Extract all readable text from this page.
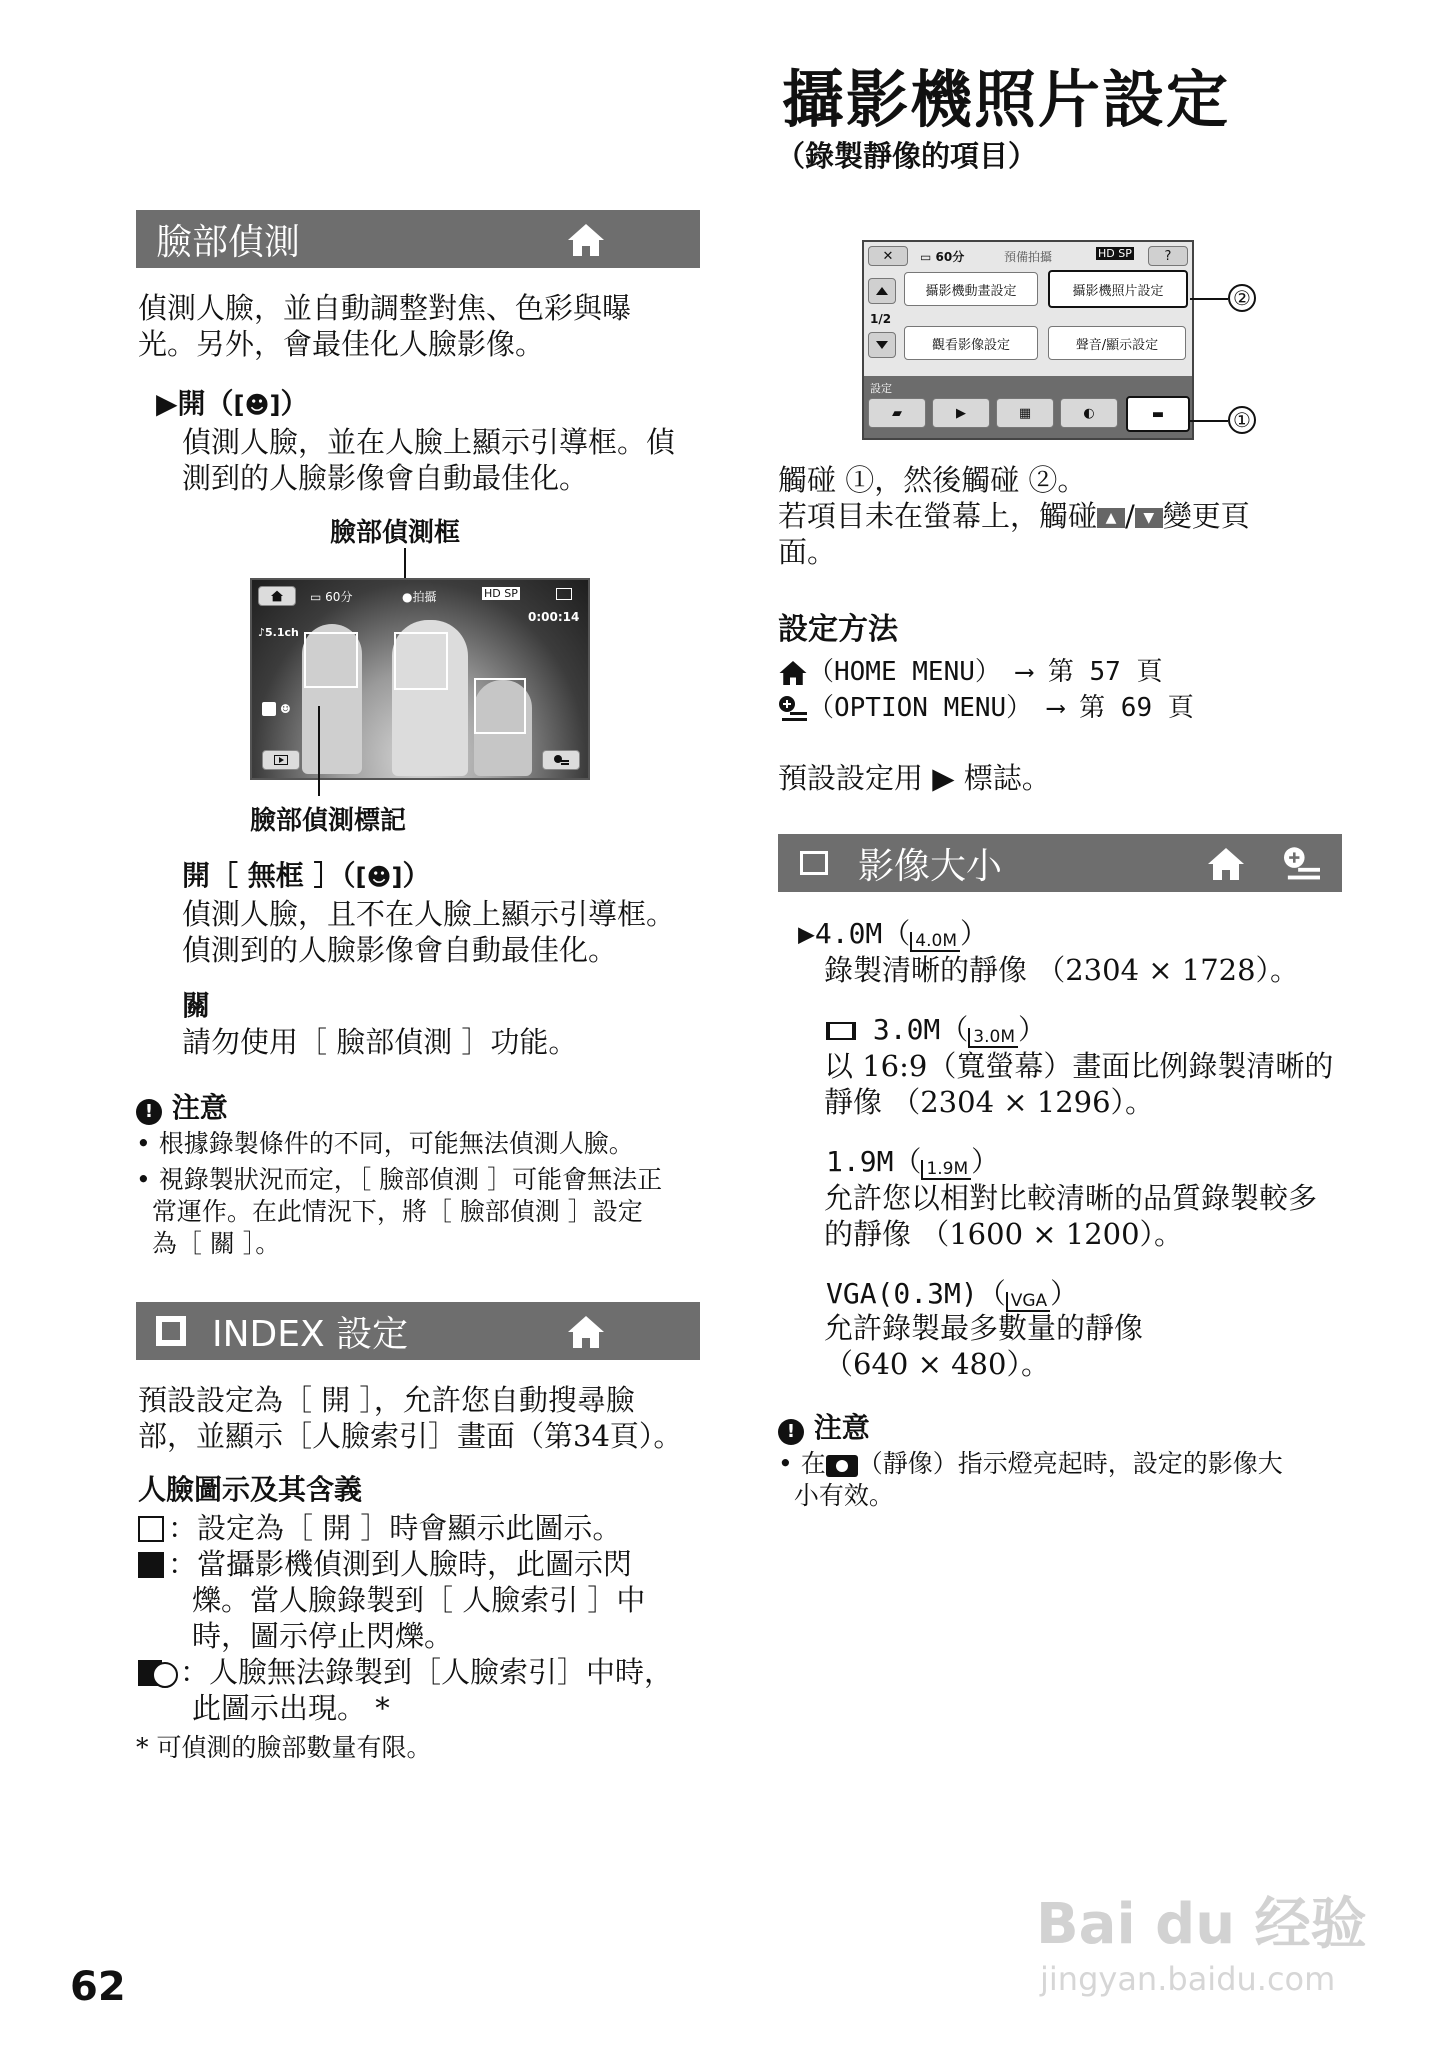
攝影機照片設定
（錄製靜像的項目）
臉部偵測
偵測人臉，並自動調整對焦、色彩與曝
光。另外，會最佳化人臉影像。
▶開（[☻]）
偵測人臉，並在人臉上顯示引導框。偵
測到的人臉影像會自動最佳化。
臉部偵測框
▭ 60分	●拍攝	HD SP
0:00:14
♪5.1ch
☻
臉部偵測標記
開［ 無框 ］（[☻]）
偵測人臉，且不在人臉上顯示引導框。
偵測到的人臉影像會自動最佳化。
關
請勿使用［ 臉部偵測 ］功能。
! 注意
• 根據錄製條件的不同，可能無法偵測人臉。
• 視錄製狀況而定，［ 臉部偵測 ］可能會無法正
常運作。在此情況下，將［ 臉部偵測 ］設定
為［ 關 ］。
INDEX 設定
預設設定為［ 開 ］，允許您自動搜尋臉
部，並顯示［人臉索引］畫面（第34頁）。
人臉圖示及其含義
：設定為［ 開 ］時會顯示此圖示。
：當攝影機偵測到人臉時，此圖示閃
爍。當人臉錄製到［ 人臉索引 ］中
時，圖示停止閃爍。
：人臉無法錄製到［人臉索引］中時，
此圖示出現。 *
* 可偵測的臉部數量有限。
✕	▭ 60分	預備拍攝	HD SP	?
1/2
攝影機動畫設定	攝影機照片設定
觀看影像設定	聲音/顯示設定
設定
▰	▶	▦	◐	▬
②
①
觸碰 ①，然後觸碰 ②。
若項目未在螢幕上，觸碰 ▲ / ▼ 變更頁
面。
設定方法
（HOME MENU） ⟶ 第 57 頁
（OPTION MENU） ⟶ 第 69 頁
預設設定用 ▶ 標誌。
影像大小
▶4.0M（ 4.0M ）
錄製清晰的靜像 （2304 × 1728）。
3.0M（ 3.0M ）
以 16:9（寬螢幕）畫面比例錄製清晰的
靜像 （2304 × 1296）。
1.9M（ 1.9M ）
允許您以相對比較清晰的品質錄製較多
的靜像 （1600 × 1200）。
VGA(0.3M)（ VGA ）
允許錄製最多數量的靜像
（640 × 480）。
! 注意
• 在 （靜像）指示燈亮起時，設定的影像大
小有效。
Bai du 经验
jingyan.baidu.com
62
